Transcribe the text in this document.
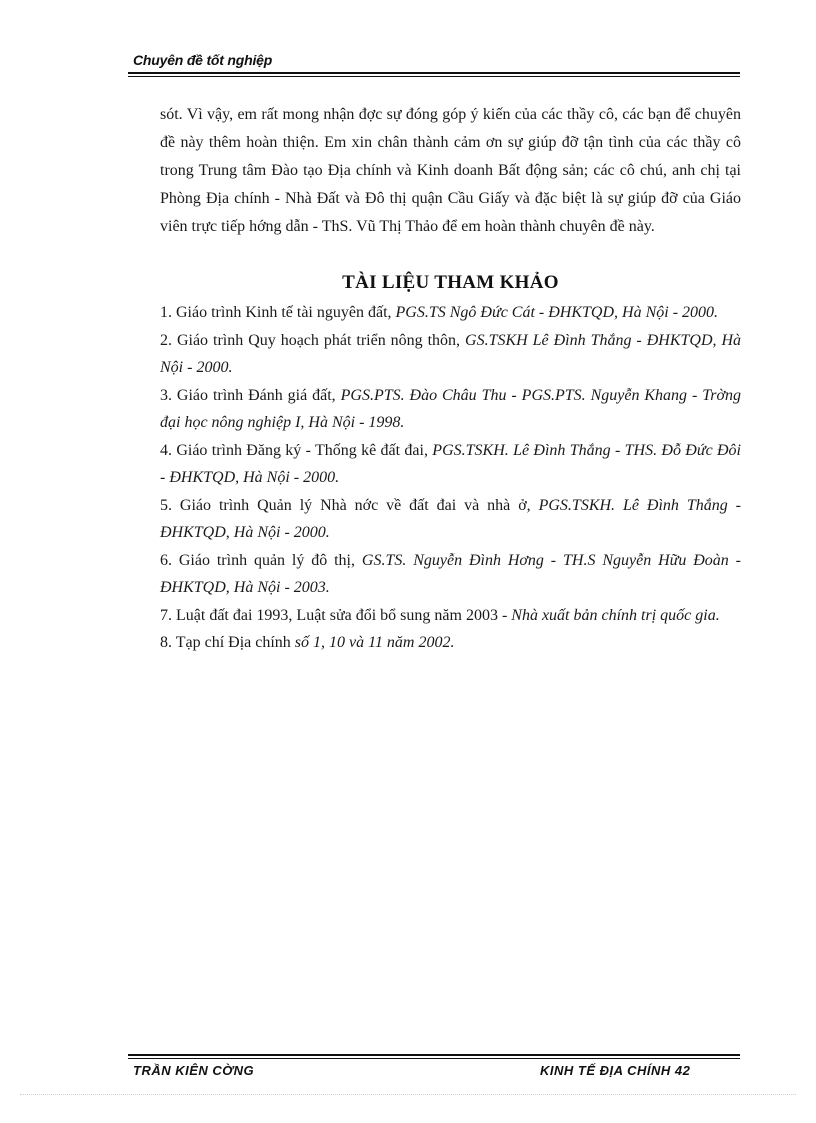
Chuyên đề tốt nghiệp
sót. Vì vậy, em rất mong nhận đợc sự đóng góp ý kiến của các thầy cô, các bạn để chuyên đề này thêm hoàn thiện. Em xin chân thành cảm ơn sự giúp đỡ tận tình của các thầy cô trong Trung tâm Đào tạo Địa chính và Kinh doanh Bất động sản; các cô chú, anh chị tại Phòng Địa chính - Nhà Đất và Đô thị quận Cầu Giấy và đặc biệt là sự giúp đỡ của Giáo viên trực tiếp hớng dẫn - ThS. Vũ Thị Thảo để em hoàn thành chuyên đề này.
TÀI LIỆU THAM KHẢO
1. Giáo trình Kinh tế tài nguyên đất, PGS.TS Ngô Đức Cát - ĐHKTQD, Hà Nội - 2000.
2. Giáo trình Quy hoạch phát triển nông thôn, GS.TSKH Lê Đình Thắng - ĐHKTQD, Hà Nội - 2000.
3. Giáo trình Đánh giá đất, PGS.PTS. Đào Châu Thu - PGS.PTS. Nguyễn Khang - Trờng đại học nông nghiệp I, Hà Nội - 1998.
4. Giáo trình Đăng ký - Thống kê đất đai, PGS.TSKH. Lê Đình Thắng - THS. Đỗ Đức Đôi - ĐHKTQD, Hà Nội - 2000.
5. Giáo trình Quản lý Nhà nớc về đất đai và nhà ở, PGS.TSKH. Lê Đình Thắng - ĐHKTQD, Hà Nội - 2000.
6. Giáo trình quản lý đô thị, GS.TS. Nguyễn Đình Hơng - TH.S Nguyễn Hữu Đoàn - ĐHKTQD, Hà Nội - 2003.
7. Luật đất đai 1993, Luật sửa đổi bổ sung năm 2003 - Nhà xuất bản chính trị quốc gia.
8. Tạp chí Địa chính số 1, 10 và 11 năm 2002.
TRẦN KIÊN CỜNG	KINH TẾ ĐỊA CHÍNH 42
